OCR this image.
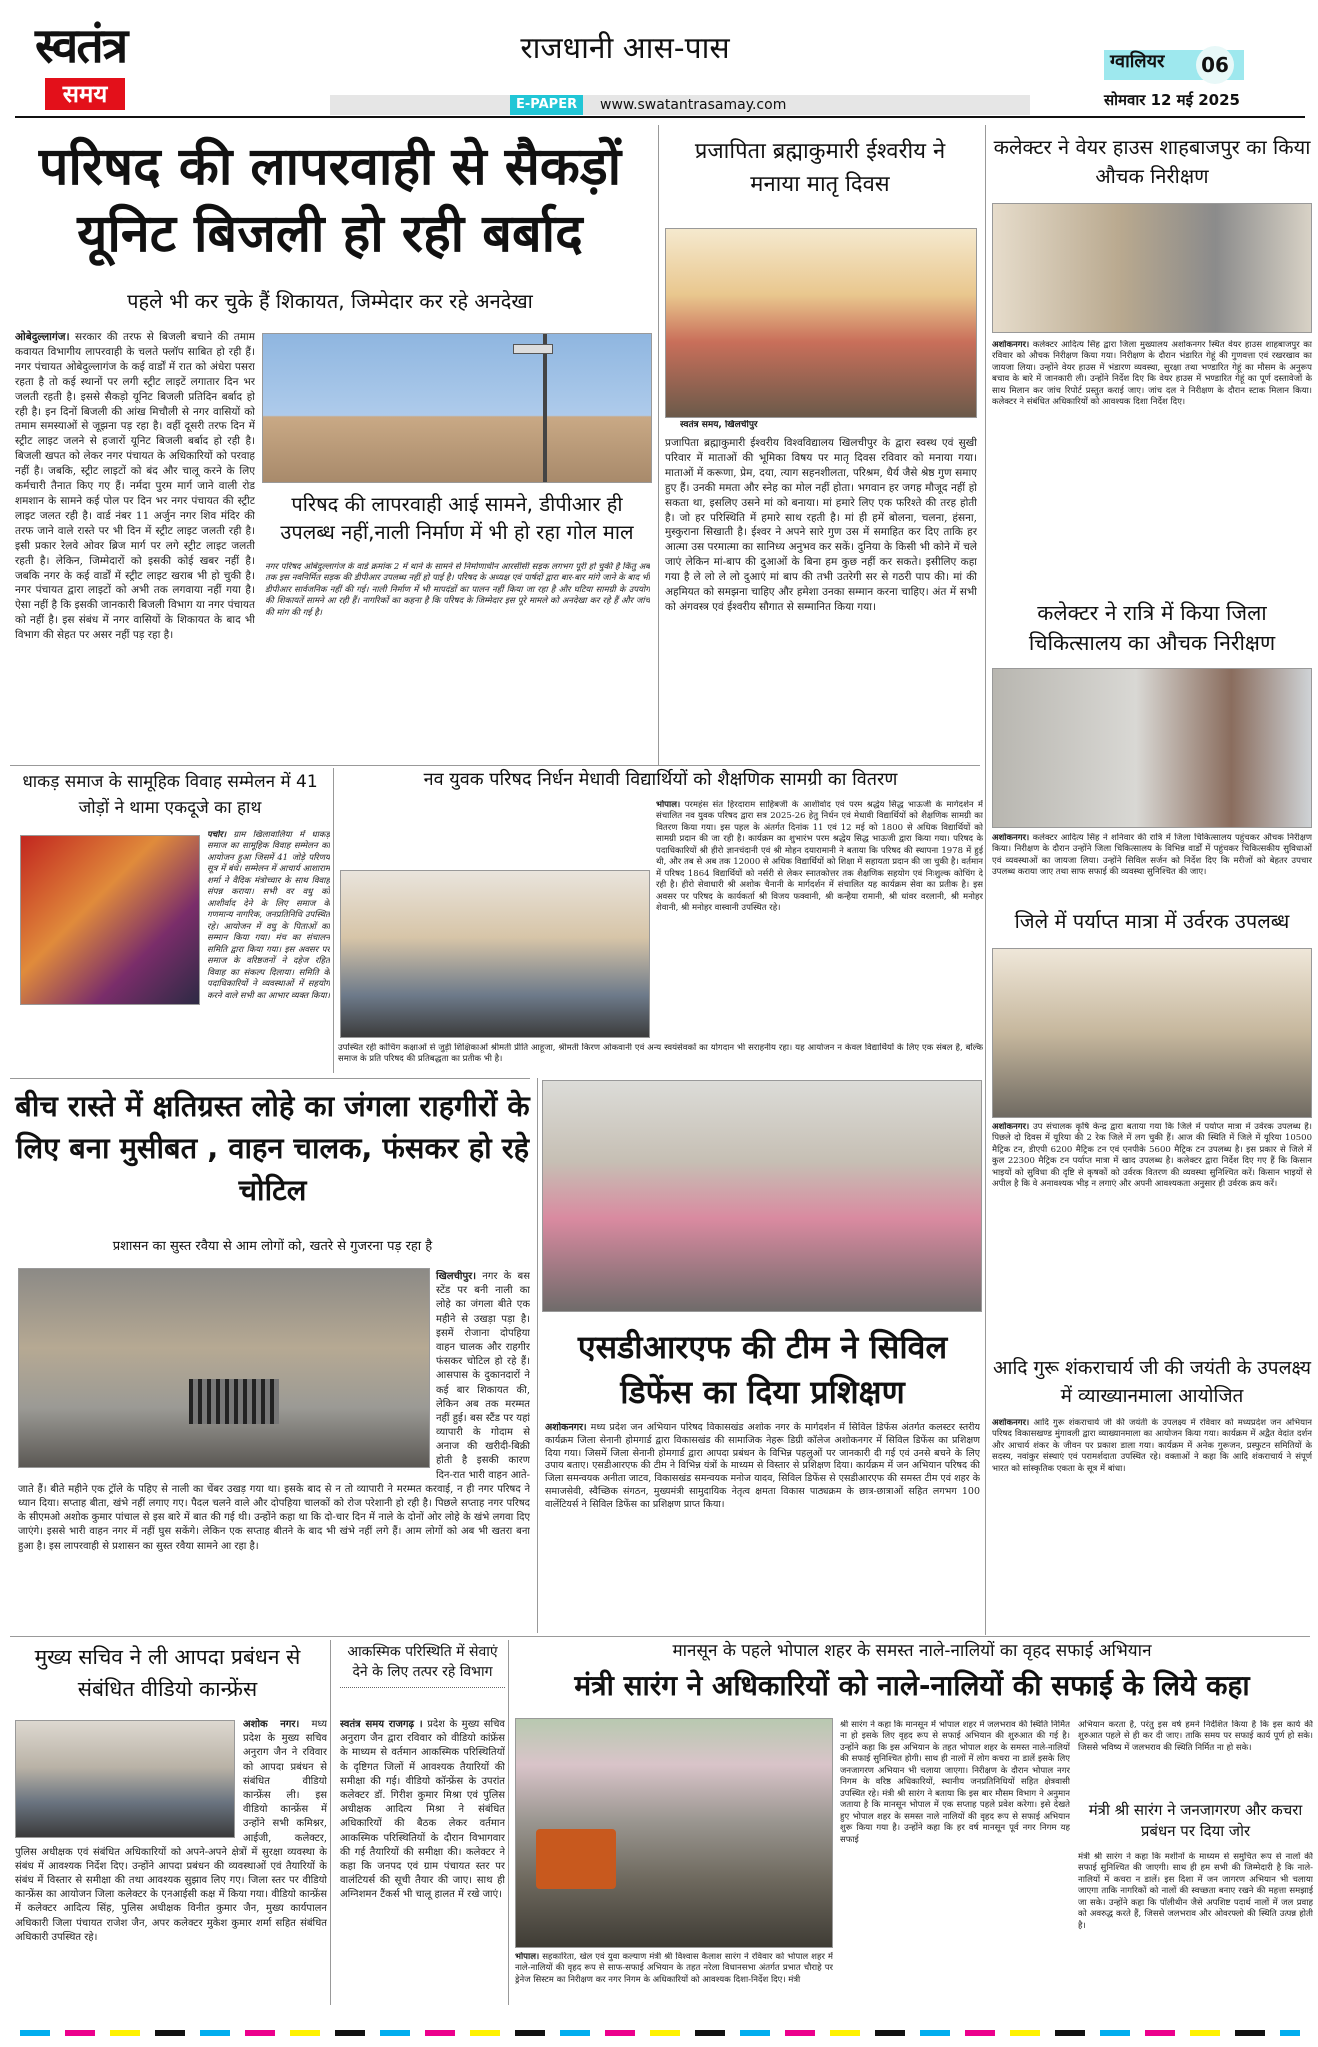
स्वतंत्र
समय
राजधानी आस-पास
E-PAPER	www.swatantrasamay.com
ग्वालियर 06
सोमवार 12 मई 2025
परिषद की लापरवाही से सैकड़ों
यूनिट बिजली हो रही बर्बाद
पहले भी कर चुके हैं शिकायत, जिम्मेदार कर रहे अनदेखा
ओबेदुल्लागंज। सरकार की तरफ से बिजली बचाने की तमाम कवायत विभागीय लापरवाही के चलते फ्लॉप साबित हो रही हैं। नगर पंचायत ओबेदुल्लागंज के कई वार्डों में रात को अंधेरा पसरा रहता है तो कई स्थानों पर लगी स्ट्रीट लाइटें लगातार दिन भर जलती रहती है। इससे सैकड़ो यूनिट बिजली प्रतिदिन बर्बाद हो रही है। इन दिनों बिजली की आंख मिचौली से नगर वासियों को तमाम समस्याओं से जूझना पड़ रहा है। वहीं दूसरी तरफ दिन में स्ट्रीट लाइट जलने से हजारों यूनिट बिजली बर्बाद हो रही है। बिजली खपत को लेकर नगर पंचायत के अधिकारियों को परवाह नहीं है। जबकि, स्ट्रीट लाइटों को बंद और चालू करने के लिए कर्मचारी तैनात किए गए हैं। नर्मदा पुरम मार्ग जाने वाली रोड शमशान के सामने कई पोल पर दिन भर नगर पंचायत की स्ट्रीट लाइट जलत रही है। वार्ड नंबर 11 अर्जुन नगर शिव मंदिर की तरफ जाने वाले रास्ते पर भी दिन में स्ट्रीट लाइट जलती रही है। इसी प्रकार रेलवे ओवर ब्रिज मार्ग पर लगे स्ट्रीट लाइट जलती रहती है। लेकिन, जिम्मेदारों को इसकी कोई खबर नहीं है। जबकि नगर के कई वार्डों में स्ट्रीट लाइट खराब भी हो चुकी है। नगर पंचायत द्वारा लाइटों को अभी तक लगवाया नहीं गया है। ऐसा नहीं है कि इसकी जानकारी बिजली विभाग या नगर पंचायत को नहीं है। इस संबंध में नगर वासियों के शिकायत के बाद भी विभाग की सेहत पर असर नहीं पड़ रहा है।
परिषद की लापरवाही आई सामने, डीपीआर ही उपलब्ध नहीं,नाली निर्माण में भी हो रहा गोल माल
नगर परिषद ओबेदुल्लागंज के वार्ड क्रमांक 2 में थाने के सामने से निर्माणाधीन आरसीसी सड़क लगभग पूरी हो चुकी है किंतु अब तक इस नवनिर्मित सड़क की डीपीआर उपलब्ध नहीं हो पाई है। परिषद के अध्यक्ष एवं पार्षदों द्वारा बार-बार मांगे जाने के बाद भी डीपीआर सार्वजनिक नहीं की गई। नाली निर्माण में भी मापदंडों का पालन नहीं किया जा रहा है और घटिया सामग्री के उपयोग की शिकायतें सामने आ रही हैं। नागरिकों का कहना है कि परिषद के जिम्मेदार इस पूरे मामले को अनदेखा कर रहे हैं और जांच की मांग की गई है।
प्रजापिता ब्रह्माकुमारी ईश्वरीय ने मनाया मातृ दिवस
स्वतंत्र समय, खिलचीपुर
प्रजापिता ब्रह्माकुमारी ईश्वरीय विश्वविद्यालय खिलचीपुर के द्वारा स्वस्थ एवं सुखी परिवार में माताओं की भूमिका विषय पर मातृ दिवस रविवार को मनाया गया। माताओं में करूणा, प्रेम, दया, त्याग सहनशीलता, परिश्रम, धैर्य जैसे श्रेष्ठ गुण समाए हुए हैं। उनकी ममता और स्नेह का मोल नहीं होता। भगवान हर जगह मौजूद नहीं हो सकता था, इसलिए उसने मां को बनाया। मां हमारे लिए एक फरिश्ते की तरह होती है। जो हर परिस्थिति में हमारे साथ रहती है। मां ही हमें बोलना, चलना, हंसना, मुस्कुराना सिखाती है। ईश्वर ने अपने सारे गुण उस में समाहित कर दिए ताकि हर आत्मा उस परमात्मा का सानिध्य अनुभव कर सकें। दुनिया के किसी भी कोने में चले जाएं लेकिन मां-बाप की दुआओं के बिना हम कुछ नहीं कर सकते। इसीलिए कहा गया है ले लो ले लो दुआएं मां बाप की तभी उतरेगी सर से गठरी पाप की। मां की अहमियत को समझना चाहिए और हमेशा उनका सम्मान करना चाहिए। अंत में सभी को अंगवस्त्र एवं ईश्वरीय सौगात से सम्मानित किया गया।
कलेक्टर ने वेयर हाउस शाहबाजपुर का किया औचक निरीक्षण
अशोकनगर। कलेक्टर आदित्य सिंह द्वारा जिला मुख्यालय अशोकनगर स्थित वेयर हाउस शाहबाजपुर का रविवार को औचक निरीक्षण किया गया। निरीक्षण के दौरान भंडारित गेहूं की गुणवत्ता एवं रखरखाव का जायजा लिया। उन्होंने वेयर हाउस में भंडारण व्यवस्था, सुरक्षा तथा भण्डारित गेहूं का मौसम के अनुरूप बचाव के बारे में जानकारी ली। उन्होंने निर्देश दिए कि वेयर हाउस में भण्डारित गेहूं का पूर्ण दस्तावेजों के साथ मिलान कर जांच रिपोर्ट प्रस्तुत कराई जाए। जांच दल ने निरीक्षण के दौरान स्टाक मिलान किया। कलेक्टर ने संबंधित अधिकारियों को आवश्यक दिशा निर्देश दिए।
कलेक्टर ने रात्रि में किया जिला चिकित्सालय का औचक निरीक्षण
अशोकनगर। कलेक्टर आदित्य सिंह ने शनिवार की रात्रि में जिला चिकित्सालय पहुंचकर औचक निरीक्षण किया। निरीक्षण के दौरान उन्होंने जिला चिकित्सालय के विभिन्न वार्डों में पहुंचकर चिकित्सकीय सुविधाओं एवं व्यवस्थाओं का जायजा लिया। उन्होंने सिविल सर्जन को निर्देश दिए कि मरीजों को बेहतर उपचार उपलब्ध कराया जाए तथा साफ सफाई की व्यवस्था सुनिश्चित की जाए।
जिले में पर्याप्त मात्रा में उर्वरक उपलब्ध
अशोकनगर। उप संचालक कृषि केन्द्र द्वारा बताया गया कि जिले में पर्याप्त मात्रा में उर्वरक उपलब्ध है। पिछले दो दिवस में यूरिया की 2 रेक जिले में लग चुकी हैं। आज की स्थिति में जिले में यूरिया 10500 मैट्रिक टन, डीएपी 6200 मैट्रिक टन एवं एनपीके 5600 मैट्रिक टन उपलब्ध है। इस प्रकार से जिले में कुल 22300 मैट्रिक टन पर्याप्त मात्रा में खाद उपलब्ध है। कलेक्टर द्वारा निर्देश दिए गए हैं कि किसान भाइयों को सुविधा की दृष्टि से कृषकों को उर्वरक वितरण की व्यवस्था सुनिश्चित करें। किसान भाइयों से अपील है कि वे अनावश्यक भीड़ न लगाएं और अपनी आवश्यकता अनुसार ही उर्वरक क्रय करें।
आदि गुरू शंकराचार्य जी की जयंती के उपलक्ष्य में व्याख्यानमाला आयोजित
अशोकनगर। आदि गुरू शंकराचार्य जी की जयंती के उपलक्ष्य में रविवार को मध्यप्रदेश जन अभियान परिषद विकासखण्ड मुंगावली द्वारा व्याख्यानमाला का आयोजन किया गया। कार्यक्रम में अद्वैत वेदांत दर्शन और आचार्य शंकर के जीवन पर प्रकाश डाला गया। कार्यक्रम में अनेक गुरूजन, प्रस्फुटन समितियों के सदस्य, नवांकुर संस्थाएं एवं परामर्शदाता उपस्थित रहे। वक्ताओं ने कहा कि आदि शंकराचार्य ने संपूर्ण भारत को सांस्कृतिक एकता के सूत्र में बांधा।
धाकड़ समाज के सामूहिक विवाह सम्मेलन में 41 जोड़ों ने थामा एकदूजे का हाथ
पचोर। ग्राम खिलावालिया में धाकड़ समाज का सामूहिक विवाह सम्मेलन का आयोजन हुआ जिसमें 41 जोड़े परिणय सूत्र में बंधे। सम्मेलन में आचार्य आशाराम शर्मा ने वैदिक मंत्रोच्चार के साथ विवाह संपन्न कराया। सभी वर वधु को आशीर्वाद देने के लिए समाज के गणमान्य नागरिक, जनप्रतिनिधि उपस्थित रहे। आयोजन में वधु के पिताओं का सम्मान किया गया। मंच का संचालन समिति द्वारा किया गया। इस अवसर पर समाज के वरिष्ठजनों ने दहेज रहित विवाह का संकल्प दिलाया। समिति के पदाधिकारियों ने व्यवस्थाओं में सहयोग करने वाले सभी का आभार व्यक्त किया।
नव युवक परिषद निर्धन मेधावी विद्यार्थियों को शैक्षणिक सामग्री का वितरण
भोपाल। परमहंस संत हिरदाराम साहिबजी के आशीर्वाद एवं परम श्रद्धेय सिद्ध भाऊजी के मार्गदर्शन में संचालित नव युवक परिषद द्वारा सत्र 2025-26 हेतु निर्धन एवं मेधावी विद्यार्थियों को शैक्षणिक सामग्री का वितरण किया गया। इस पहल के अंतर्गत दिनांक 11 एवं 12 मई को 1800 से अधिक विद्यार्थियों को सामग्री प्रदान की जा रही है। कार्यक्रम का शुभारंभ परम श्रद्धेय सिद्ध भाऊजी द्वारा किया गया। परिषद के पदाधिकारियों श्री हीरो ज्ञानचंदानी एवं श्री मोहन दयारामानी ने बताया कि परिषद की स्थापना 1978 में हुई थी, और तब से अब तक 12000 से अधिक विद्यार्थियों को शिक्षा में सहायता प्रदान की जा चुकी है। वर्तमान में परिषद 1864 विद्यार्थियों को नर्सरी से लेकर स्नातकोत्तर तक शैक्षणिक सहयोग एवं निःशुल्क कोचिंग दे रही है। हीरो सेवाधारी श्री अशोक चैनानी के मार्गदर्शन में संचालित यह कार्यक्रम सेवा का प्रतीक है। इस अवसर पर परिषद के कार्यकर्ता श्री विजय फक्वानी, श्री कन्हैया रामानी, श्री धांवर वरलानी, श्री मनोहर शेवानी, श्री मनोहर वास्वानी उपस्थित रहे।
उपस्थित रही कोचिंग कक्षाओं से जुड़ी शिक्षिकाओं श्रीमती प्रीति आहूजा, श्रीमती किरण ओकवानी एवं अन्य स्वयंसेवकों का योगदान भी सराहनीय रहा। यह आयोजन न केवल विद्यार्थियों के लिए एक संबल है, बल्कि समाज के प्रति परिषद की प्रतिबद्धता का प्रतीक भी है।
बीच रास्ते में क्षतिग्रस्त लोहे का जंगला राहगीरों के लिए बना मुसीबत , वाहन चालक, फंसकर हो रहे चोटिल
प्रशासन का सुस्त रवैया से आम लोगों को, खतरे से गुजरना पड़ रहा है
खिलचीपुर। नगर के बस स्टेंड पर बनी नाली का लोहे का जंगला बीते एक महीने से उखड़ा पड़ा है। इसमें रोजाना दोपहिया वाहन चालक और राहगीर फंसकर चोटिल हो रहे हैं। आसपास के दुकानदारों ने कई बार शिकायत की, लेकिन अब तक मरम्मत नहीं हुई। बस स्टैंड पर यहां व्यापारी के गोदाम से अनाज की खरीदी-बिक्री होती है इसकी कारण दिन-रात भारी वाहन आते-जाते हैं। बीते महीने एक ट्रॉले के पहिए से नाली का चेंबर उखड़ गया था। इसके बाद से न तो व्यापारी ने मरम्मत करवाई, न ही नगर परिषद ने ध्यान दिया। सप्ताह बीता, खंभे नहीं लगाए गए। पैदल चलने वाले और दोपहिया चालकों को रोज परेशानी हो रही है। पिछले सप्ताह नगर परिषद के सीएमओ अशोक कुमार पांचाल से इस बारे में बात की गई थी। उन्होंने कहा था कि दो-चार दिन में नाले के दोनों ओर लोहे के खंभे लगवा दिए जाएंगे। इससे भारी वाहन नगर में नहीं घुस सकेंगे। लेकिन एक सप्ताह बीतने के बाद भी खंभे नहीं लगे हैं। आम लोगों को अब भी खतरा बना हुआ है। इस लापरवाही से प्रशासन का सुस्त रवैया सामने आ रहा है।
एसडीआरएफ की टीम ने सिविल डिफेंस का दिया प्रशिक्षण
अशोकनगर। मध्य प्रदेश जन अभियान परिषद विकासखंड अशोक नगर के मार्गदर्शन में सिविल डिफेंस अंतर्गत कलस्टर स्तरीय कार्यक्रम जिला सेनानी होमगार्ड द्वारा विकासखंड की सामाजिक नेहरू डिग्री कॉलेज अशोकनगर में सिविल डिफेंस का प्रशिक्षण दिया गया। जिसमें जिला सेनानी होमगार्ड द्वारा आपदा प्रबंधन के विभिन्न पहलुओं पर जानकारी दी गई एवं उनसे बचने के लिए उपाय बताए। एसडीआरएफ की टीम ने विभिन्न यंत्रों के माध्यम से विस्तार से प्रशिक्षण दिया। कार्यक्रम में जन अभियान परिषद की जिला समन्वयक अनीता जाटव, विकासखंड समन्वयक मनोज यादव, सिविल डिफेंस से एसडीआरएफ की समस्त टीम एवं शहर के समाजसेवी, स्वैच्छिक संगठन, मुख्यमंत्री सामुदायिक नेतृत्व क्षमता विकास पाठ्यक्रम के छात्र-छात्राओं सहित लगभग 100 वालेंटियर्स ने सिविल डिफेंस का प्रशिक्षण प्राप्त किया।
मुख्य सचिव ने ली आपदा प्रबंधन से संबंधित वीडियो कान्फ्रेंस
अशोक नगर। मध्य प्रदेश के मुख्य सचिव अनुराग जैन ने रविवार को आपदा प्रबंधन से संबंधित वीडियो कान्फ्रेंस ली। इस वीडियो कान्फ्रेंस में उन्होंने सभी कमिश्नर, आईजी, कलेक्टर, पुलिस अधीक्षक एवं संबंधित अधिकारियों को अपने-अपने क्षेत्रों में सुरक्षा व्यवस्था के संबंध में आवश्यक निर्देश दिए। उन्होंने आपदा प्रबंधन की व्यवस्थाओं एवं तैयारियों के संबंध में विस्तार से समीक्षा की तथा आवश्यक सुझाव लिए गए। जिला स्तर पर वीडियो कान्फ्रेंस का आयोजन जिला कलेक्टर के एनआईसी कक्ष में किया गया। वीडियो कान्फ्रेंस में कलेक्टर आदित्य सिंह, पुलिस अधीक्षक विनीत कुमार जैन, मुख्य कार्यपालन अधिकारी जिला पंचायत राजेश जैन, अपर कलेक्टर मुकेश कुमार शर्मा सहित संबंधित अधिकारी उपस्थित रहे।
आकस्मिक परिस्थिति में सेवाएं देने के लिए तत्पर रहे विभाग
स्वतंत्र समय राजगढ़ । प्रदेश के मुख्य सचिव अनुराग जैन द्वारा रविवार को वीडियो कांफ्रेंस के माध्यम से वर्तमान आकस्मिक परिस्थितियों के दृष्टिगत जिलों में आवश्यक तैयारियों की समीक्षा की गई। वीडियो कॉन्फ्रेंस के उपरांत कलेक्टर डॉ. गिरीश कुमार मिश्रा एवं पुलिस अधीक्षक आदित्य मिश्रा ने संबंधित अधिकारियों की बैठक लेकर वर्तमान आकस्मिक परिस्थितियों के दौरान विभागवार की गई तैयारियों की समीक्षा की। कलेक्टर ने कहा कि जनपद एवं ग्राम पंचायत स्तर पर वालंटियर्स की सूची तैयार की जाए। साथ ही अग्निशमन टैंकर्स भी चालू हालत में रखे जाएं।
मानसून के पहले भोपाल शहर के समस्त नाले-नालियों का वृहद सफाई अभियान
मंत्री सारंग ने अधिकारियों को नाले-नालियों की सफाई के लिये कहा
भोपाल। सहकारिता, खेल एवं युवा कल्याण मंत्री श्री विश्वास कैलाश सारंग ने रविवार को भोपाल शहर में नाले-नालियों की वृहद रूप से साफ-सफाई अभियान के तहत नरेला विधानसभा अंतर्गत प्रभात चौराहे पर ड्रेनेज सिस्टम का निरीक्षण कर नगर निगम के अधिकारियों को आवश्यक दिशा-निर्देश दिए। मंत्री
श्री सारंग ने कहा कि मानसून में भोपाल शहर में जलभराव की स्थिति निर्मित ना हो इसके लिए वृहद रूप से सफाई अभियान की शुरुआत की गई है। उन्होंने कहा कि इस अभियान के तहत भोपाल शहर के समस्त नाले-नालियों की सफाई सुनिश्चित होगी। साथ ही नालों में लोग कचरा ना डालें इसके लिए जनजागरण अभियान भी चलाया जाएगा। निरीक्षण के दौरान भोपाल नगर निगम के वरिष्ठ अधिकारियों, स्थानीय जनप्रतिनिधियों सहित क्षेत्रवासी उपस्थित रहे। मंत्री श्री सारंग ने बताया कि इस बार मौसम विभाग ने अनुमान जताया है कि मानसून भोपाल में एक सप्ताह पहले प्रवेश करेगा। इसे देखते हुए भोपाल शहर के समस्त नाले नालियों की वृहद रूप से सफाई अभियान शुरू किया गया है। उन्होंने कहा कि हर वर्ष मानसून पूर्व नगर निगम यह सफाई
अभियान करता है, परंतु इस वर्ष हमने निर्देशित किया है कि इस कार्य की शुरुआत पहले से ही कर दी जाए। ताकि समय पर सफाई कार्य पूर्ण हो सके। जिससे भविष्य में जलभराव की स्थिति निर्मित ना हो सके।
मंत्री श्री सारंग ने जनजागरण और कचरा प्रबंधन पर दिया जोर
मंत्री श्री सारंग ने कहा कि मशीनों के माध्यम से समुचित रूप से नालों की सफाई सुनिश्चित की जाएगी। साथ ही हम सभी की जिम्मेदारी है कि नाले-नालियों में कचरा न डालें। इस दिशा में जन जागरण अभियान भी चलाया जाएगा ताकि नागरिकों को नालों की स्वच्छता बनाए रखने की महत्ता समझाई जा सके। उन्होंने कहा कि पॉलीथीन जैसे अपशिष्ट पदार्थ नालों में जल प्रवाह को अवरुद्ध करते हैं, जिससे जलभराव और ओवरफ्लो की स्थिति उत्पन्न होती है।
